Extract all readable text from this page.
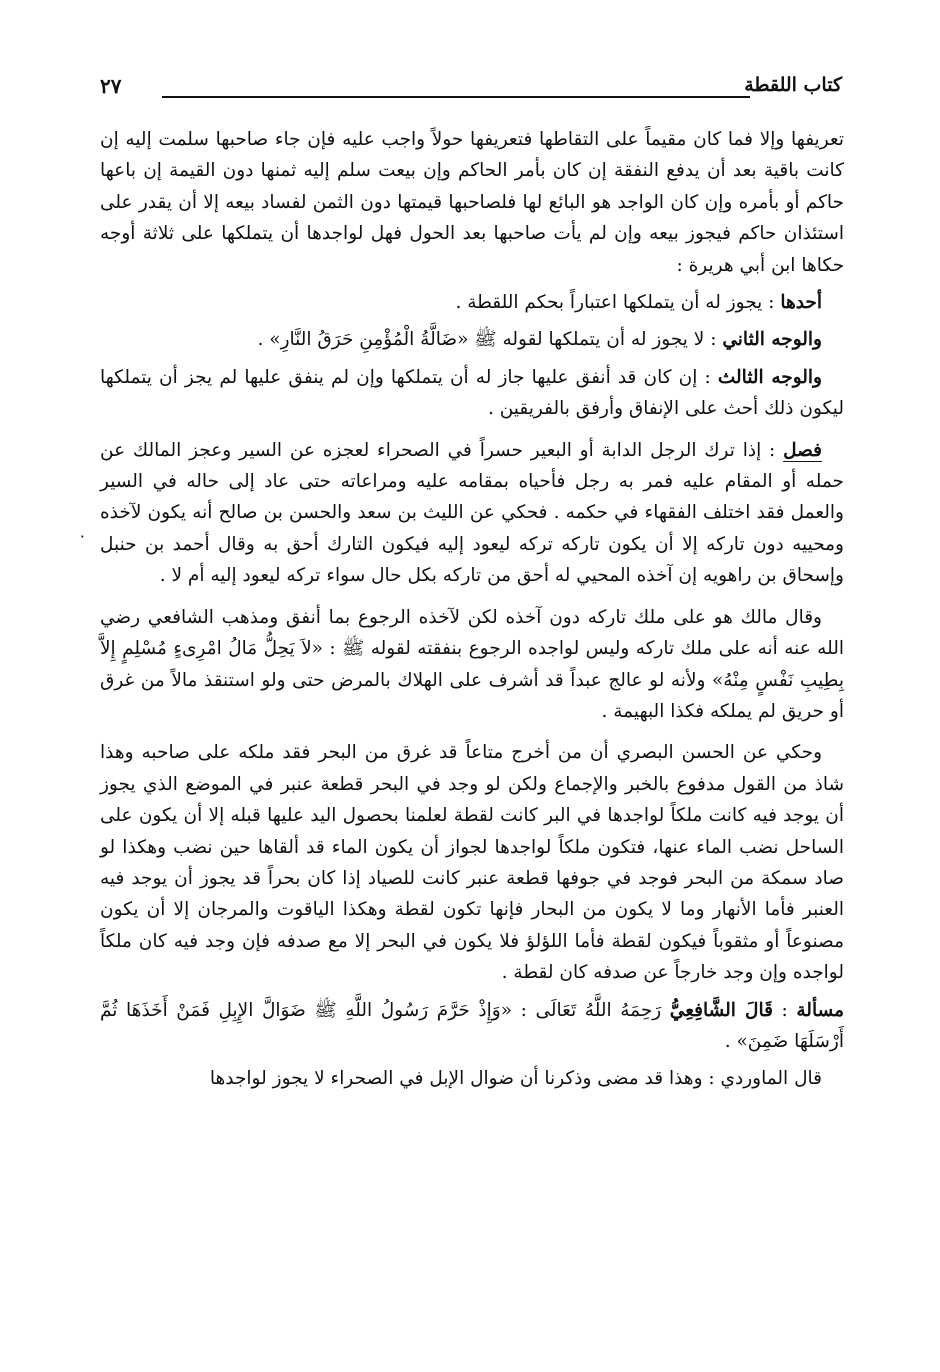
كتاب اللقطة
٢٧
٠

تعريفها وإلا فما كان مقيماً على التقاطها فتعريفها حولاً واجب عليه فإن جاء صاحبها سلمت إليه إن كانت باقية بعد أن يدفع النفقة إن كان بأمر الحاكم وإن بيعت سلم إليه ثمنها دون القيمة إن باعها حاكم أو بأمره وإن كان الواجد هو البائع لها فلصاحبها قيمتها دون الثمن لفساد بيعه إلا أن يقدر على استئذان حاكم فيجوز بيعه وإن لم يأت صاحبها بعد الحول فهل لواجدها أن يتملكها على ثلاثة أوجه حكاها ابن أبي هريرة :

أحدها : يجوز له أن يتملكها اعتباراً بحكم اللقطة .

والوجه الثاني : لا يجوز له أن يتملكها لقوله ﷺ «ضَالَّةُ الْمُؤْمِنِ حَرَقُ النَّارِ» .

والوجه الثالث : إن كان قد أنفق عليها جاز له أن يتملكها وإن لم ينفق عليها لم يجز أن يتملكها ليكون ذلك أحث على الإنفاق وأرفق بالفريقين .

فصل : إذا ترك الرجل الدابة أو البعير حسراً في الصحراء لعجزه عن السير وعجز المالك عن حمله أو المقام عليه فمر به رجل فأحياه بمقامه عليه ومراعاته حتى عاد إلى حاله في السير والعمل فقد اختلف الفقهاء في حكمه . فحكي عن الليث بن سعد والحسن بن صالح أنه يكون لآخذه ومحييه دون تاركه إلا أن يكون تاركه تركه ليعود إليه فيكون التارك أحق به وقال أحمد بن حنبل وإسحاق بن راهويه إن آخذه المحيي له أحق من تاركه بكل حال سواء تركه ليعود إليه أم لا .

وقال مالك هو على ملك تاركه دون آخذه لكن لآخذه الرجوع بما أنفق ومذهب الشافعي رضي الله عنه أنه على ملك تاركه وليس لواجده الرجوع بنفقته لقوله ﷺ : «لاَ يَحِلُّ مَالُ امْرِىءٍ مُسْلِمٍ إِلاَّ بِطِيبِ نَفْسٍ مِنْهُ» ولأنه لو عالج عبداً قد أشرف على الهلاك بالمرض حتى ولو استنقذ مالاً من غرق أو حريق لم يملكه فكذا البهيمة .

وحكي عن الحسن البصري أن من أخرج متاعاً قد غرق من البحر فقد ملكه على صاحبه وهذا شاذ من القول مدفوع بالخبر والإجماع ولكن لو وجد في البحر قطعة عنبر في الموضع الذي يجوز أن يوجد فيه كانت ملكاً لواجدها في البر كانت لقطة لعلمنا بحصول اليد عليها قبله إلا أن يكون على الساحل نضب الماء عنها، فتكون ملكاً لواجدها لجواز أن يكون الماء قد ألقاها حين نضب وهكذا لو صاد سمكة من البحر فوجد في جوفها قطعة عنبر كانت للصياد إذا كان بحراً قد يجوز أن يوجد فيه العنبر فأما الأنهار وما لا يكون من البحار فإنها تكون لقطة وهكذا الياقوت والمرجان إلا أن يكون مصنوعاً أو مثقوباً فيكون لقطة فأما اللؤلؤ فلا يكون في البحر إلا مع صدفه فإن وجد فيه كان ملكاً لواجده وإن وجد خارجاً عن صدفه كان لقطة .

مسألة : قَالَ الشَّافِعِيُّ رَحِمَهُ اللَّهُ تَعَالَى : «وَإِذْ حَرَّمَ رَسُولُ اللَّهِ ﷺ ضَوَالَّ الإِبِلِ فَمَنْ أَخَذَهَا ثُمَّ أَرْسَلَهَا ضَمِنَ» .

قال الماوردي : وهذا قد مضى وذكرنا أن ضوال الإبل في الصحراء لا يجوز لواجدها
